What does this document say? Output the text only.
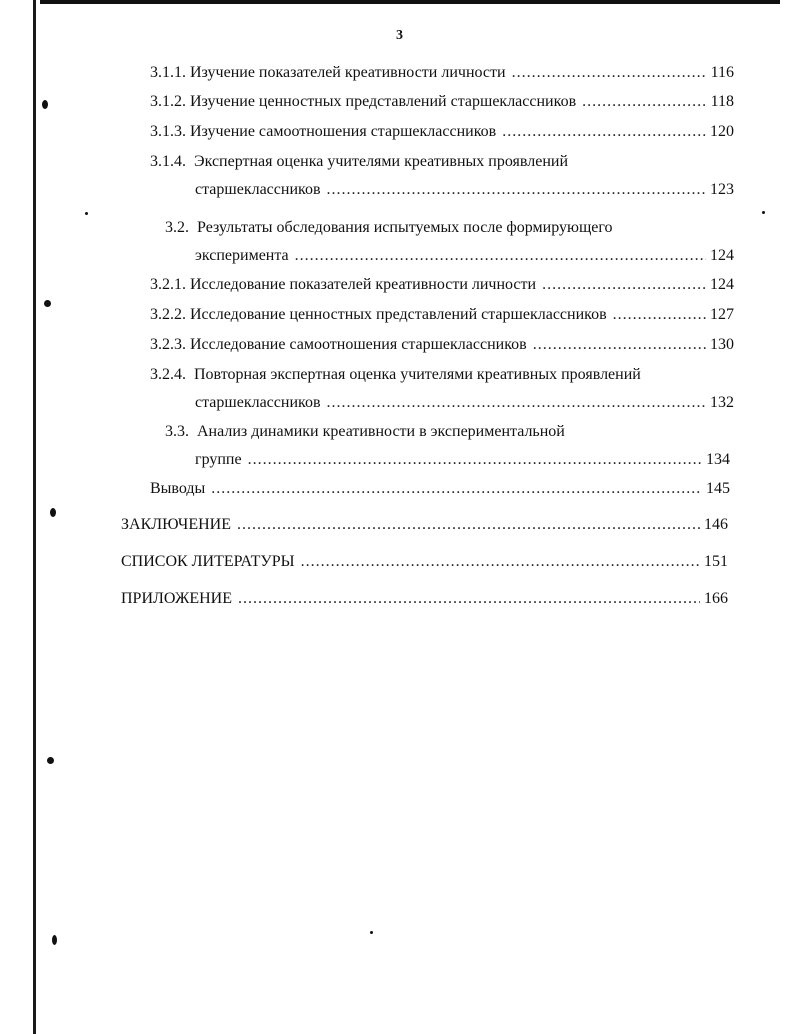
3
3.1.1. Изучение показателей креативности личности .....	116
3.1.2. Изучение ценностных представлений старшеклассников .....	118
3.1.3. Изучение самоотношения старшеклассников .....	120
3.1.4. Экспертная оценка учителями креативных проявлений
старшеклассников .....	123
3.2. Результаты обследования испытуемых после формирующего
эксперимента .....	124
3.2.1. Исследование показателей креативности личности .....	124
3.2.2. Исследование ценностных представлений старшеклассников .....	127
3.2.3. Исследование самоотношения старшеклассников .....	130
3.2.4. Повторная экспертная оценка учителями креативных проявлений
старшеклассников .....	132
3.3. Анализ динамики креативности в экспериментальной
группе .....	134
Выводы .....	145
ЗАКЛЮЧЕНИЕ .....	146
СПИСОК ЛИТЕРАТУРЫ .....	151
ПРИЛОЖЕНИЕ .....	166
